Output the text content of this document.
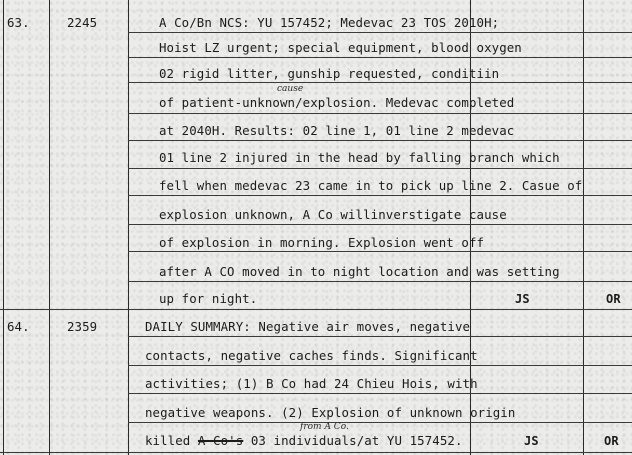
63.	2245	A Co/Bn NCS: YU 157452; Medevac 23 TOS 2010H;
Hoist LZ urgent; special equipment, blood oxygen
02 rigid litter, gunship requested, conditiin
cause
of patient-unknown/explosion. Medevac completed
at 2040H. Results: 02 line 1, 01 line 2 medevac
01 line 2 injured in the head by falling branch which
fell when medevac 23 came in to pick up line 2. Casue of
explosion unknown, A Co willinverstigate cause
of explosion in morning. Explosion went off
after A CO moved in to night location and was setting
up for night.	JS	OR
64.	2359	DAILY SUMMARY: Negative air moves, negative
contacts, negative caches finds. Significant
activities; (1) B Co had 24 Chieu Hois, with
negative weapons. (2) Explosion of unknown origin
from A Co.
killed A Co's 03 individuals/at YU 157452.	JS	OR
